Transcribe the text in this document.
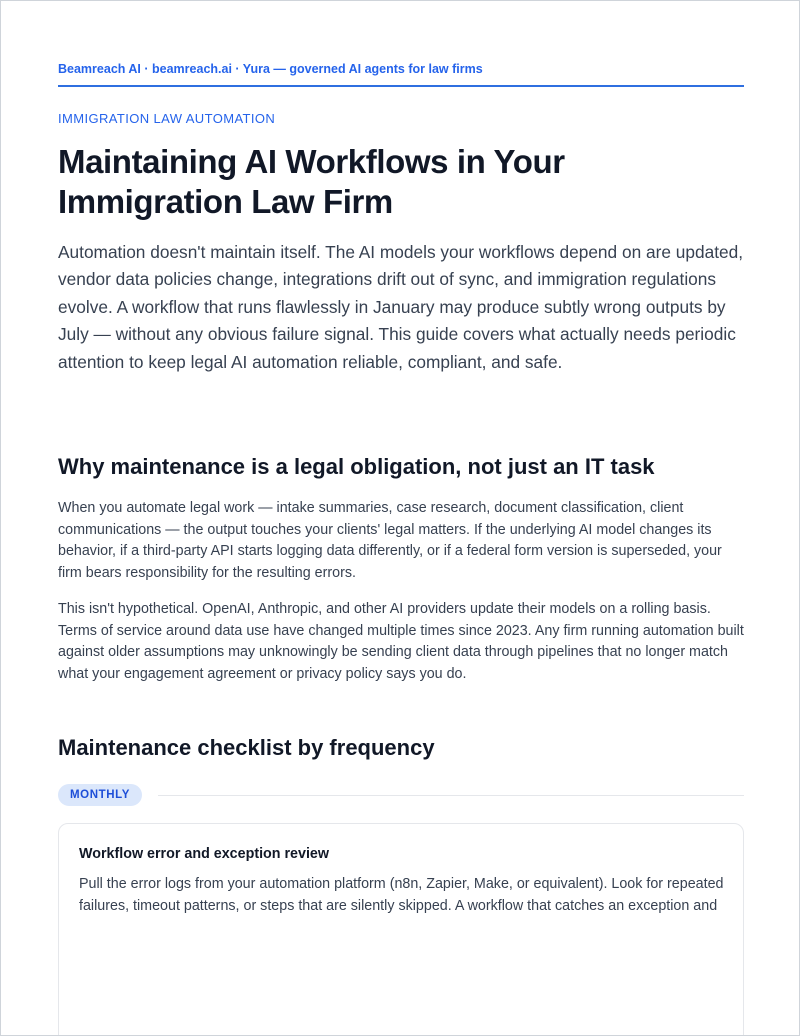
Beamreach AI · beamreach.ai · Yura — governed AI agents for law firms
IMMIGRATION LAW AUTOMATION
Maintaining AI Workflows in Your Immigration Law Firm

Automation doesn't maintain itself. The AI models your workflows depend on are updated, vendor data policies change, integrations drift out of sync, and immigration regulations evolve. A workflow that runs flawlessly in January may produce subtly wrong outputs by July — without any obvious failure signal. This guide covers what actually needs periodic attention to keep legal AI automation reliable, compliant, and safe.

Why maintenance is a legal obligation, not just an IT task

When you automate legal work — intake summaries, case research, document classification, client communications — the output touches your clients' legal matters. If the underlying AI model changes its behavior, if a third-party API starts logging data differently, or if a federal form version is superseded, your firm bears responsibility for the resulting errors.

This isn't hypothetical. OpenAI, Anthropic, and other AI providers update their models on a rolling basis. Terms of service around data use have changed multiple times since 2023. Any firm running automation built against older assumptions may unknowingly be sending client data through pipelines that no longer match what your engagement agreement or privacy policy says you do.

Maintenance checklist by frequency
MONTHLY
Workflow error and exception review

Pull the error logs from your automation platform (n8n, Zapier, Make, or equivalent). Look for repeated failures, timeout patterns, or steps that are silently skipped. A workflow that catches an exception and
